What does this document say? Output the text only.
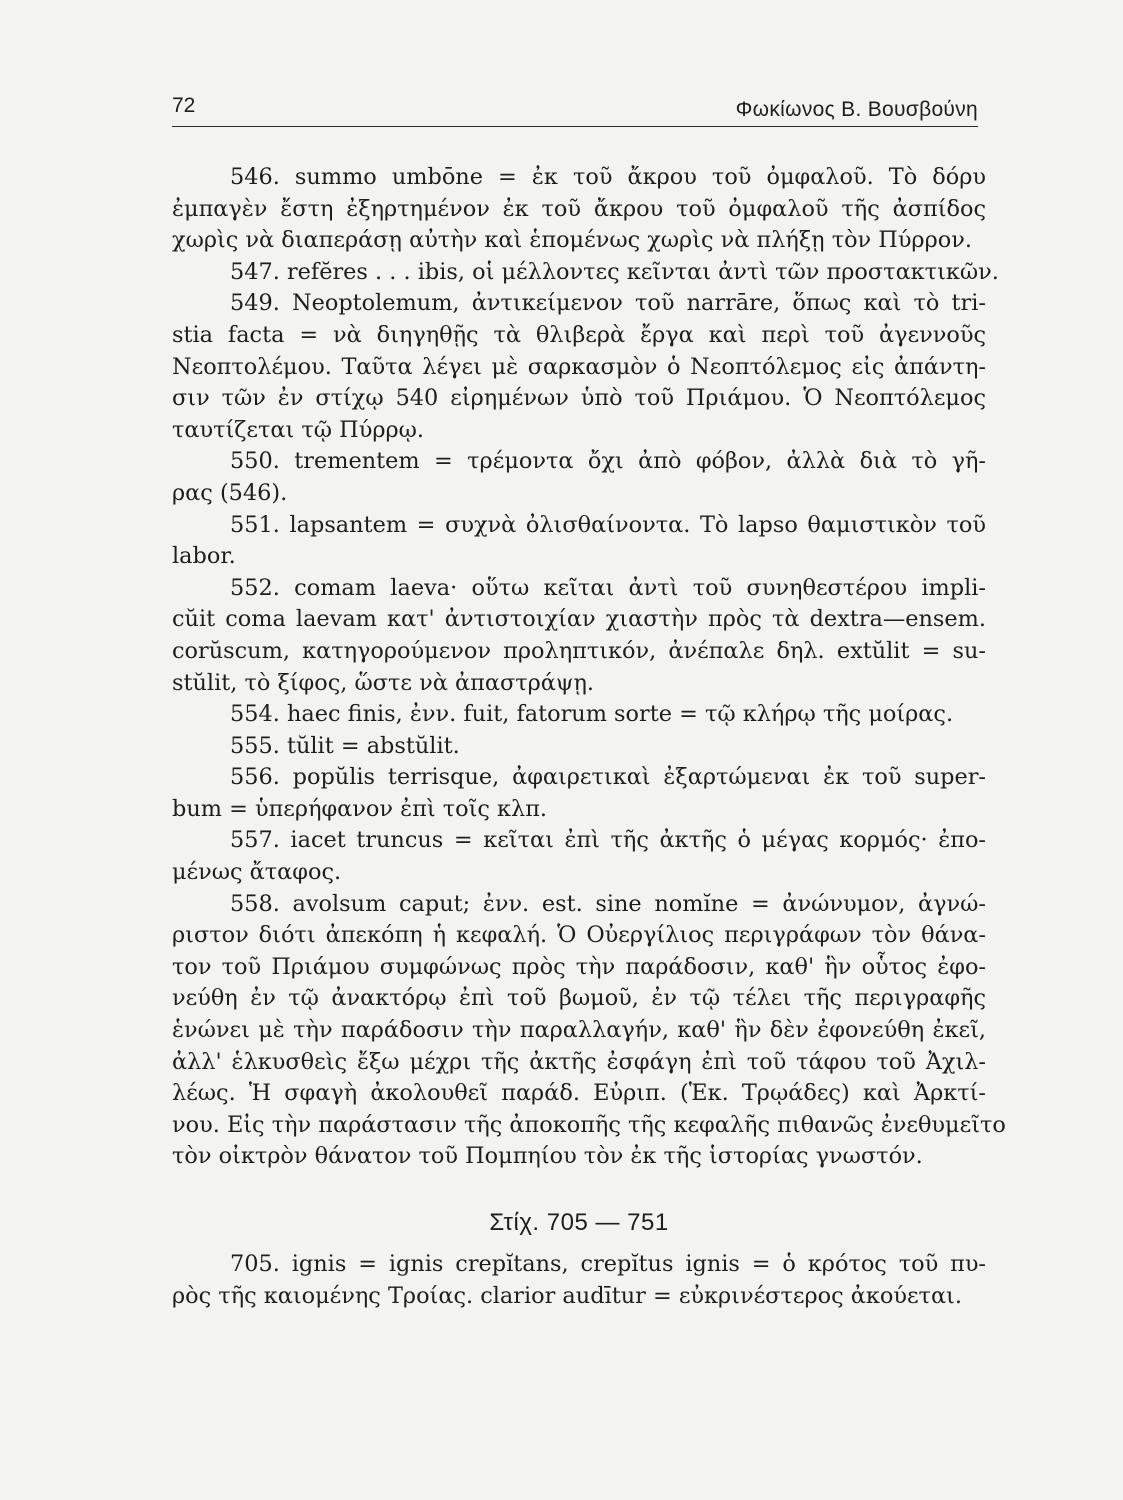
72	Φωκίωνος Β. Βουσβούνη
546. summo umbōne = ἐκ τοῦ ἄκρου τοῦ ὀμφαλοῦ. Τὸ δόρυ
ἐμπαγὲν ἔστη ἐξηρτημένον ἐκ τοῦ ἄκρου τοῦ ὀμφαλοῦ τῆς ἀσπίδος
χωρὶς νὰ διαπεράσῃ αὐτὴν καὶ ἑπομένως χωρὶς νὰ πλήξῃ τὸν Πύρρον.
547. refĕres . . . ibis, οἱ μέλλοντες κεῖνται ἀντὶ τῶν προστακτικῶν.
549. Neoptolemum, ἀντικείμενον τοῦ narrāre, ὅπως καὶ τὸ tri-
stia facta = νὰ διηγηθῇς τὰ θλιβερὰ ἔργα καὶ περὶ τοῦ ἀγεννοῦς
Νεοπτολέμου. Ταῦτα λέγει μὲ σαρκασμὸν ὁ Νεοπτόλεμος εἰς ἀπάντη-
σιν τῶν ἐν στίχῳ 540 εἰρημένων ὑπὸ τοῦ Πριάμου. Ὁ Νεοπτόλεμος
ταυτίζεται τῷ Πύρρῳ.
550. trementem = τρέμοντα ὄχι ἀπὸ φόβον, ἀλλὰ διὰ τὸ γῆ-
ρας (546).
551. lapsantem = συχνὰ ὀλισθαίνοντα. Τὸ lapso θαμιστικὸν τοῦ
labor.
552. comam laeva· οὕτω κεῖται ἀντὶ τοῦ συνηθεστέρου impli-
cŭit coma laevam κατ' ἀντιστοιχίαν χιαστὴν πρὸς τὰ dextra—ensem.
corŭscum, κατηγορούμενον προληπτικόν, ἀνέπαλε δηλ. extŭlit = su-
stŭlit, τὸ ξίφος, ὥστε νὰ ἀπαστράψῃ.
554. haec finis, ἐνν. fuit, fatorum sorte = τῷ κλήρῳ τῆς μοίρας.
555. tŭlit = abstŭlit.
556. popŭlis terrisque, ἀφαιρετικαὶ ἐξαρτώμεναι ἐκ τοῦ super-
bum = ὑπερήφανον ἐπὶ τοῖς κλπ.
557. iacet truncus = κεῖται ἐπὶ τῆς ἀκτῆς ὁ μέγας κορμός· ἐπο-
μένως ἄταφος.
558. avolsum caput; ἐνν. est. sine nomĭne = ἀνώνυμον, ἀγνώ-
ριστον διότι ἀπεκόπη ἡ κεφαλή. Ὁ Οὐεργίλιος περιγράφων τὸν θάνα-
τον τοῦ Πριάμου συμφώνως πρὸς τὴν παράδοσιν, καθ' ἣν οὗτος ἐφο-
νεύθη ἐν τῷ ἀνακτόρῳ ἐπὶ τοῦ βωμοῦ, ἐν τῷ τέλει τῆς περιγραφῆς
ἑνώνει μὲ τὴν παράδοσιν τὴν παραλλαγήν, καθ' ἣν δὲν ἐφονεύθη ἐκεῖ,
ἀλλ' ἑλκυσθεὶς ἔξω μέχρι τῆς ἀκτῆς ἐσφάγη ἐπὶ τοῦ τάφου τοῦ Ἀχιλ-
λέως. Ἡ σφαγὴ ἀκολουθεῖ παράδ. Εὐριπ. (Ἑκ. Τρῳάδες) καὶ Ἀρκτί-
νου. Εἰς τὴν παράστασιν τῆς ἀποκοπῆς τῆς κεφαλῆς πιθανῶς ἐνεθυμεῖτο
τὸν οἰκτρὸν θάνατον τοῦ Πομπηίου τὸν ἐκ τῆς ἱστορίας γνωστόν.
Στίχ. 705 — 751
705. ignis = ignis crepĭtans, crepĭtus ignis = ὁ κρότος τοῦ πυ-
ρὸς τῆς καιομένης Τροίας. clarior audītur = εὐκρινέστερος ἀκούεται.
